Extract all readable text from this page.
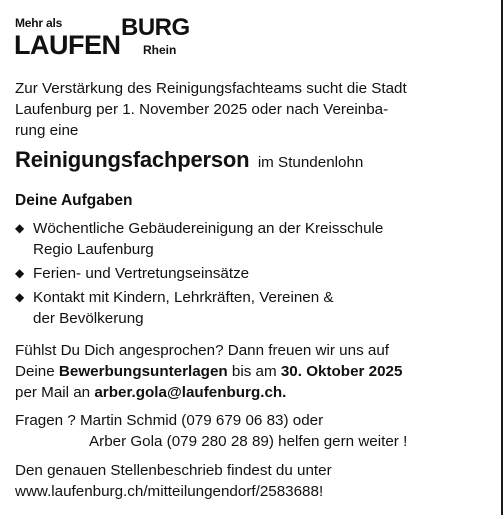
Mehr als
LAUFEN
BURG
Rhein
Zur Verstärkung des Reinigungsfachteams sucht die Stadt
Laufenburg per 1. November 2025 oder nach Vereinba-
rung eine
Reinigungsfachperson im Stundenlohn
Deine Aufgaben
◆ Wöchentliche Gebäudereinigung an der Kreisschule
Regio Laufenburg
◆ Ferien- und Vertretungseinsätze
◆ Kontakt mit Kindern, Lehrkräften, Vereinen &
der Bevölkerung
Fühlst Du Dich angesprochen? Dann freuen wir uns auf
Deine Bewerbungsunterlagen bis am 30. Oktober 2025
per Mail an arber.gola@laufenburg.ch.
Fragen ? Martin Schmid (079 679 06 83) oder
Arber Gola (079 280 28 89) helfen gern weiter !
Den genauen Stellenbeschrieb findest du unter
www.laufenburg.ch/mitteilungendorf/2583688!
